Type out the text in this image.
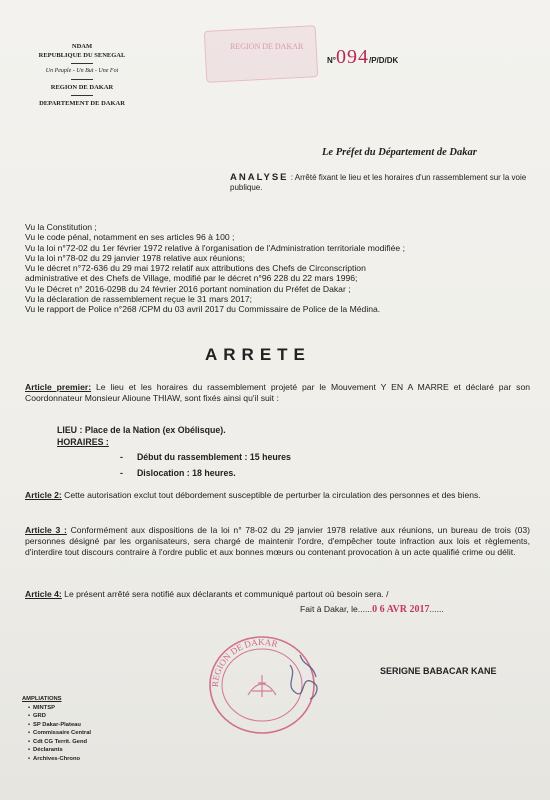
NDAM
REPUBLIQUE DU SENEGAL
Un Peuple - Un But - Une Foi
REGION DE DAKAR
DEPARTEMENT DE DAKAR
REGION DE DAKAR
N°094/P/D/DK
Le Préfet du Département de Dakar
ANALYSE : Arrêté fixant le lieu et les horaires d'un rassemblement sur la voie publique.
Vu la Constitution ;
Vu le code pénal, notamment en ses articles 96 à 100 ;
Vu la loi n°72-02 du 1er février 1972 relative à l'organisation de l'Administration territoriale modifiée ;
Vu la loi n°78-02 du 29 janvier 1978 relative aux réunions;
Vu le décret n°72-636 du 29 mai 1972 relatif aux attributions des Chefs de Circonscription
administrative et des Chefs de Village, modifié par le décret n°96 228 du 22 mars 1996;
Vu le Décret n° 2016-0298 du 24 février 2016 portant nomination du Préfet de Dakar ;
Vu la déclaration de rassemblement reçue le 31 mars 2017;
Vu le rapport de Police n°268 /CPM du 03 avril 2017 du Commissaire de Police de la Médina.
ARRETE
Article premier: Le lieu et les horaires du rassemblement projeté par le Mouvement Y EN A MARRE et déclaré par son Coordonnateur Monsieur Alioune THIAW, sont fixés ainsi qu'il suit :
LIEU : Place de la Nation (ex Obélisque).
HORAIRES :
- Début du rassemblement : 15 heures
- Dislocation : 18 heures.
Article 2: Cette autorisation exclut tout débordement susceptible de perturber la circulation des personnes et des biens.
Article 3 : Conformément aux dispositions de la loi n° 78-02 du 29 janvier 1978 relative aux réunions, un bureau de trois (03) personnes désigné par les organisateurs, sera chargé de maintenir l'ordre, d'empêcher toute infraction aux lois et règlements, d'interdire tout discours contraire à l'ordre public et aux bonnes mœurs ou contenant provocation à un acte qualifié crime ou délit.
Article 4: Le présent arrêté sera notifié aux déclarants et communiqué partout où besoin sera. /
Fait à Dakar, le......0 6 AVR 2017......
REGION DE DAKAR
SERIGNE BABACAR KANE
AMPLIATIONS
• MINTSP
• GRD
• SP Dakar-Plateau
• Commissaire Central
• Cdt CG Territ. Gend
• Déclarants
• Archives-Chrono
